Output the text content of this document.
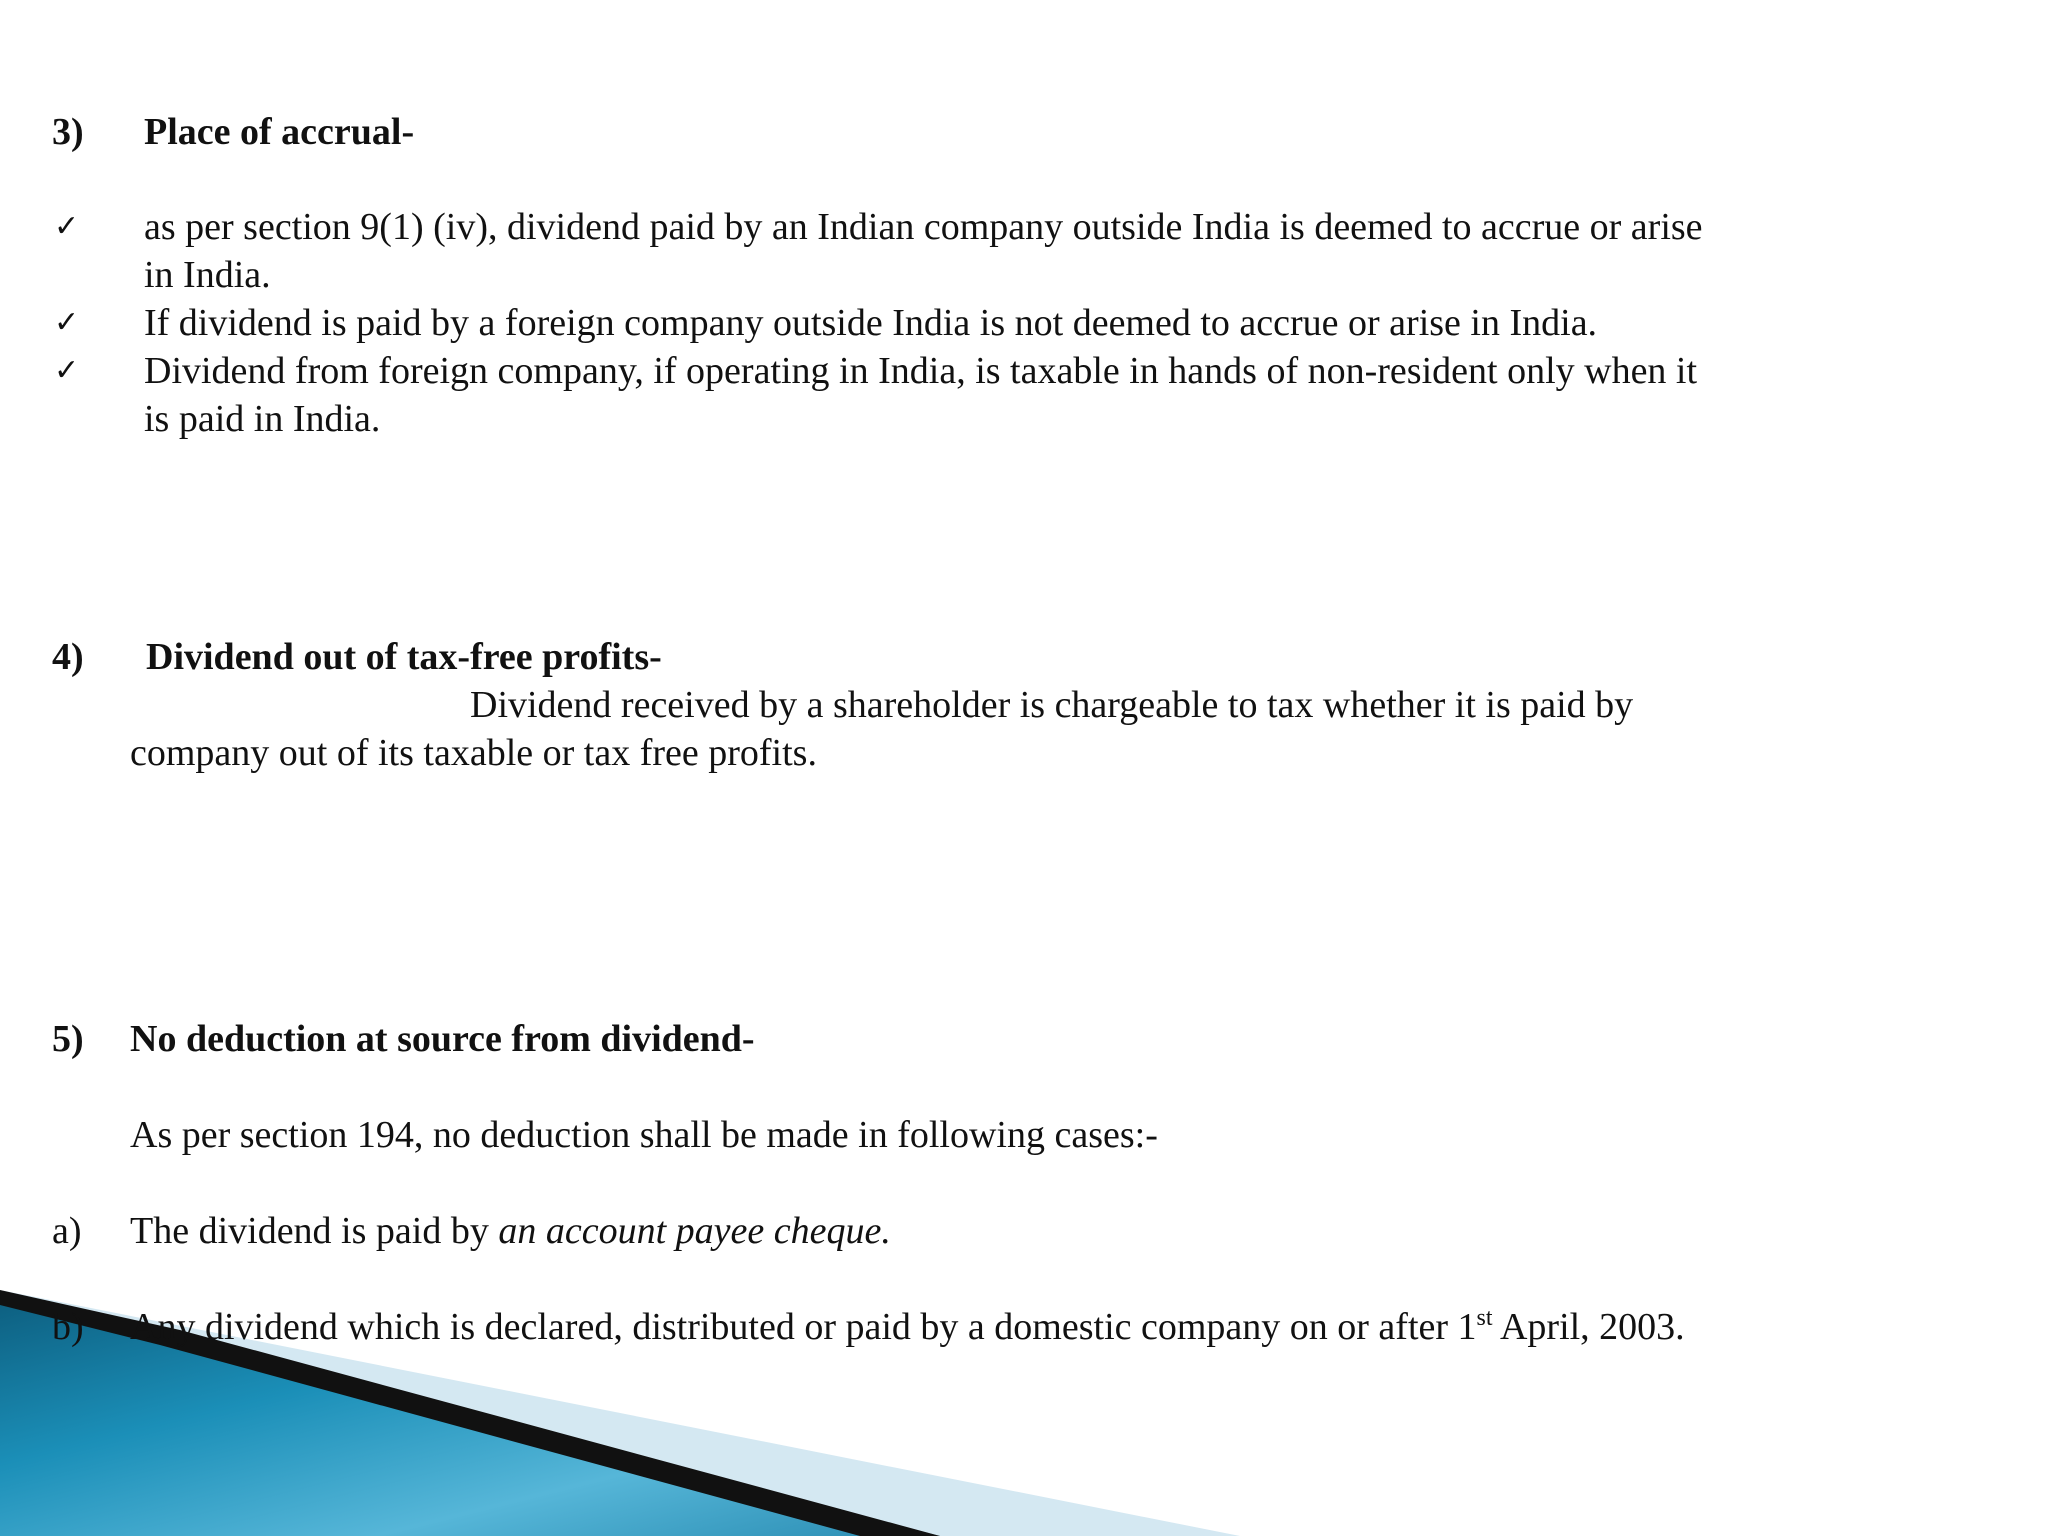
3) Place of accrual-

✓ as per section 9(1) (iv), dividend paid by an Indian company outside India is deemed to accrue or arise

in India.

✓ If dividend is paid by a foreign company outside India is not deemed to accrue or arise in India.

✓ Dividend from foreign company, if operating in India, is taxable in hands of non-resident only when it

is paid in India.

4) Dividend out of tax-free profits-

Dividend received by a shareholder is chargeable to tax whether it is paid by

company out of its taxable or tax free profits.

5) No deduction at source from dividend-

As per section 194, no deduction shall be made in following cases:-

a) The dividend is paid by an account payee cheque.

b) Any dividend which is declared, distributed or paid by a domestic company on or after 1st April, 2003.
